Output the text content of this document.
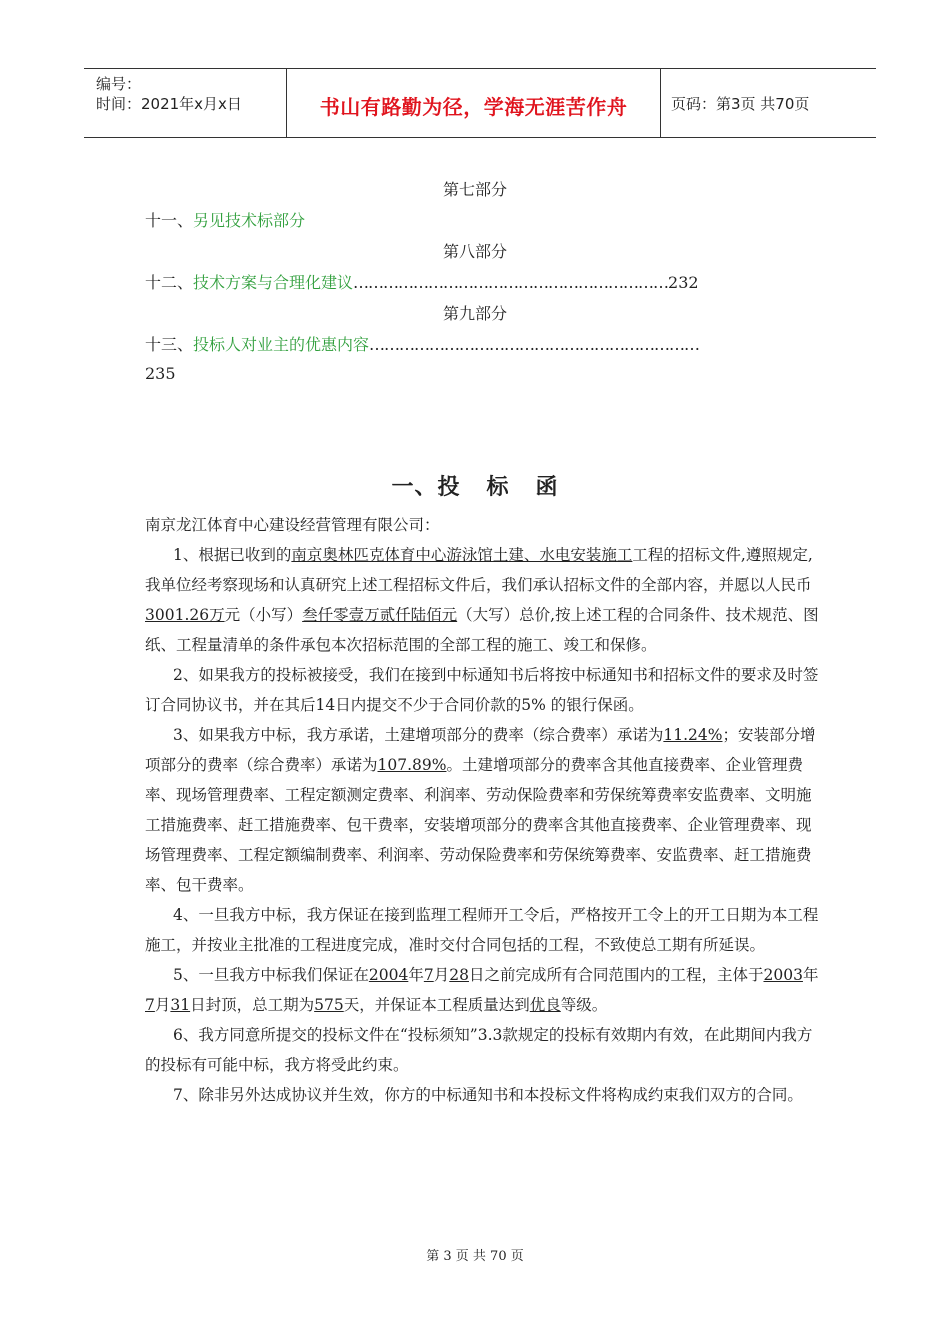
编号：
时间：2021年x月x日	书山有路勤为径，学海无涯苦作舟	页码：第3页 共70页
第七部分
十一、另见技术标部分
第八部分
十二、技术方案与合理化建议………………………………………………………232
第九部分
十三、投标人对业主的优惠内容…………………………………………………………
235
一、投 标 函

南京龙江体育中心建设经营管理有限公司：

1、根据已收到的南京奥林匹克体育中心游泳馆土建、水电安装施工工程的招标文件,遵照规定,我单位经考察现场和认真研究上述工程招标文件后，我们承认招标文件的全部内容，并愿以人民币3001.26万元（小写）叁仟零壹万贰仟陆佰元（大写）总价,按上述工程的合同条件、技术规范、图纸、工程量清单的条件承包本次招标范围的全部工程的施工、竣工和保修。

2、如果我方的投标被接受，我们在接到中标通知书后将按中标通知书和招标文件的要求及时签订合同协议书，并在其后14日内提交不少于合同价款的5% 的银行保函。

3、如果我方中标，我方承诺，土建增项部分的费率（综合费率）承诺为11.24%；安装部分增项部分的费率（综合费率）承诺为107.89%。土建增项部分的费率含其他直接费率、企业管理费率、现场管理费率、工程定额测定费率、利润率、劳动保险费率和劳保统筹费率安监费率、文明施工措施费率、赶工措施费率、包干费率，安装增项部分的费率含其他直接费率、企业管理费率、现场管理费率、工程定额编制费率、利润率、劳动保险费率和劳保统筹费率、安监费率、赶工措施费率、包干费率。

4、一旦我方中标，我方保证在接到监理工程师开工令后，严格按开工令上的开工日期为本工程施工，并按业主批准的工程进度完成，准时交付合同包括的工程，不致使总工期有所延误。

5、一旦我方中标我们保证在2004年7月28日之前完成所有合同范围内的工程，主体于2003年7月31日封顶，总工期为575天，并保证本工程质量达到优良等级。

6、我方同意所提交的投标文件在“投标须知”3.3款规定的投标有效期内有效，在此期间内我方的投标有可能中标，我方将受此约束。

7、除非另外达成协议并生效，你方的中标通知书和本投标文件将构成约束我们双方的合同。

第 3 页 共 70 页
